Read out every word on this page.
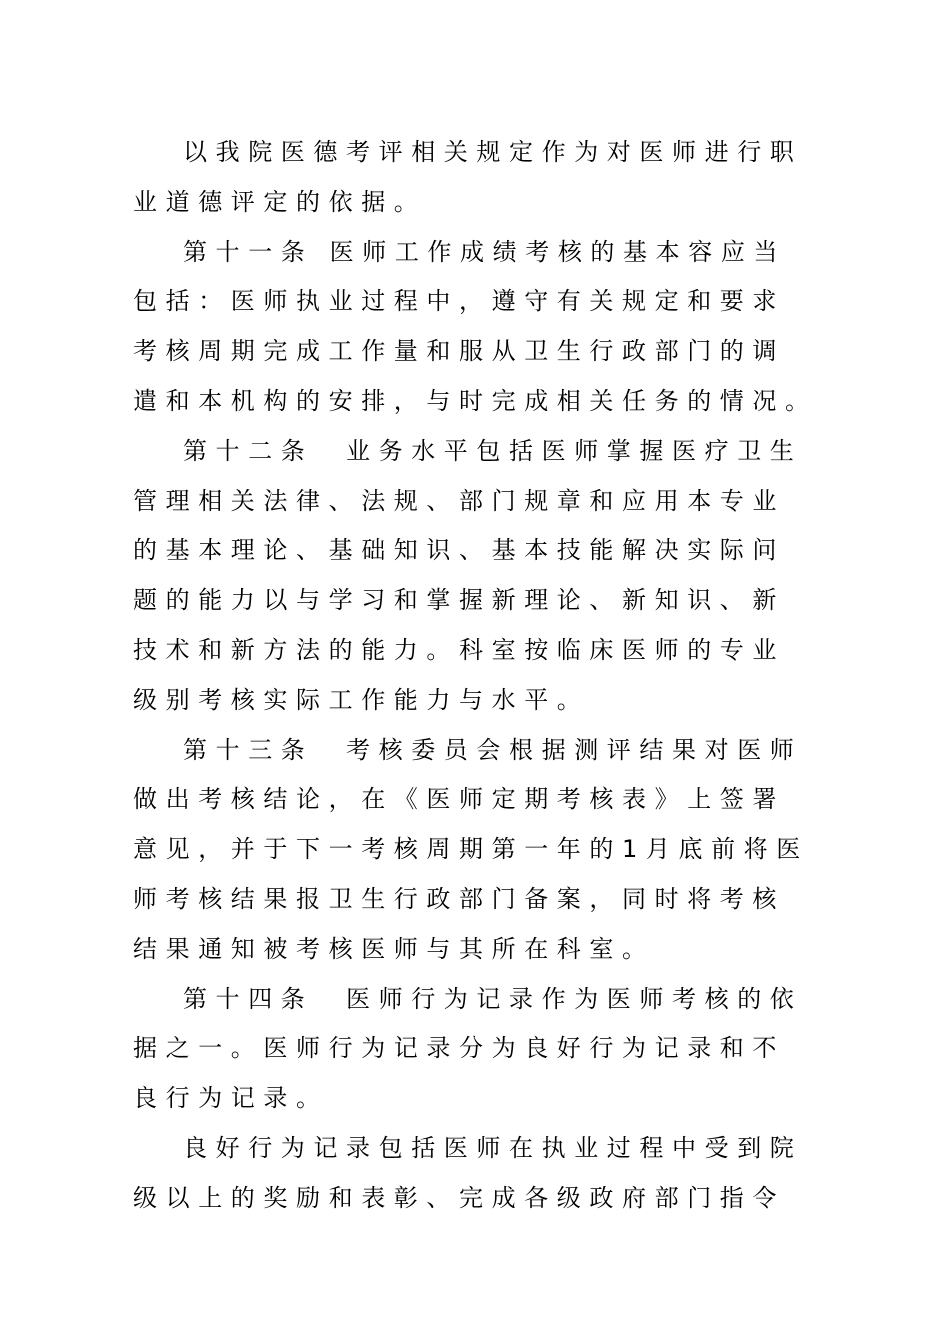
以我院医德考评相关规定作为对医师进行职
业道德评定的依据。
第十一条 医师工作成绩考核的基本容应当
包括：医师执业过程中，遵守有关规定和要求
考核周期完成工作量和服从卫生行政部门的调
遣和本机构的安排，与时完成相关任务的情况。
第十二条　业务水平包括医师掌握医疗卫生
管理相关法律、法规、部门规章和应用本专业
的基本理论、基础知识、基本技能解决实际问
题的能力以与学习和掌握新理论、新知识、新
技术和新方法的能力。科室按临床医师的专业
级别考核实际工作能力与水平。
第十三条　考核委员会根据测评结果对医师
做出考核结论，在《医师定期考核表》上签署
意见，并于下一考核周期第一年的1月底前将医
师考核结果报卫生行政部门备案，同时将考核
结果通知被考核医师与其所在科室。
第十四条　医师行为记录作为医师考核的依
据之一。医师行为记录分为良好行为记录和不
良行为记录。
良好行为记录包括医师在执业过程中受到院
级以上的奖励和表彰、完成各级政府部门指令
